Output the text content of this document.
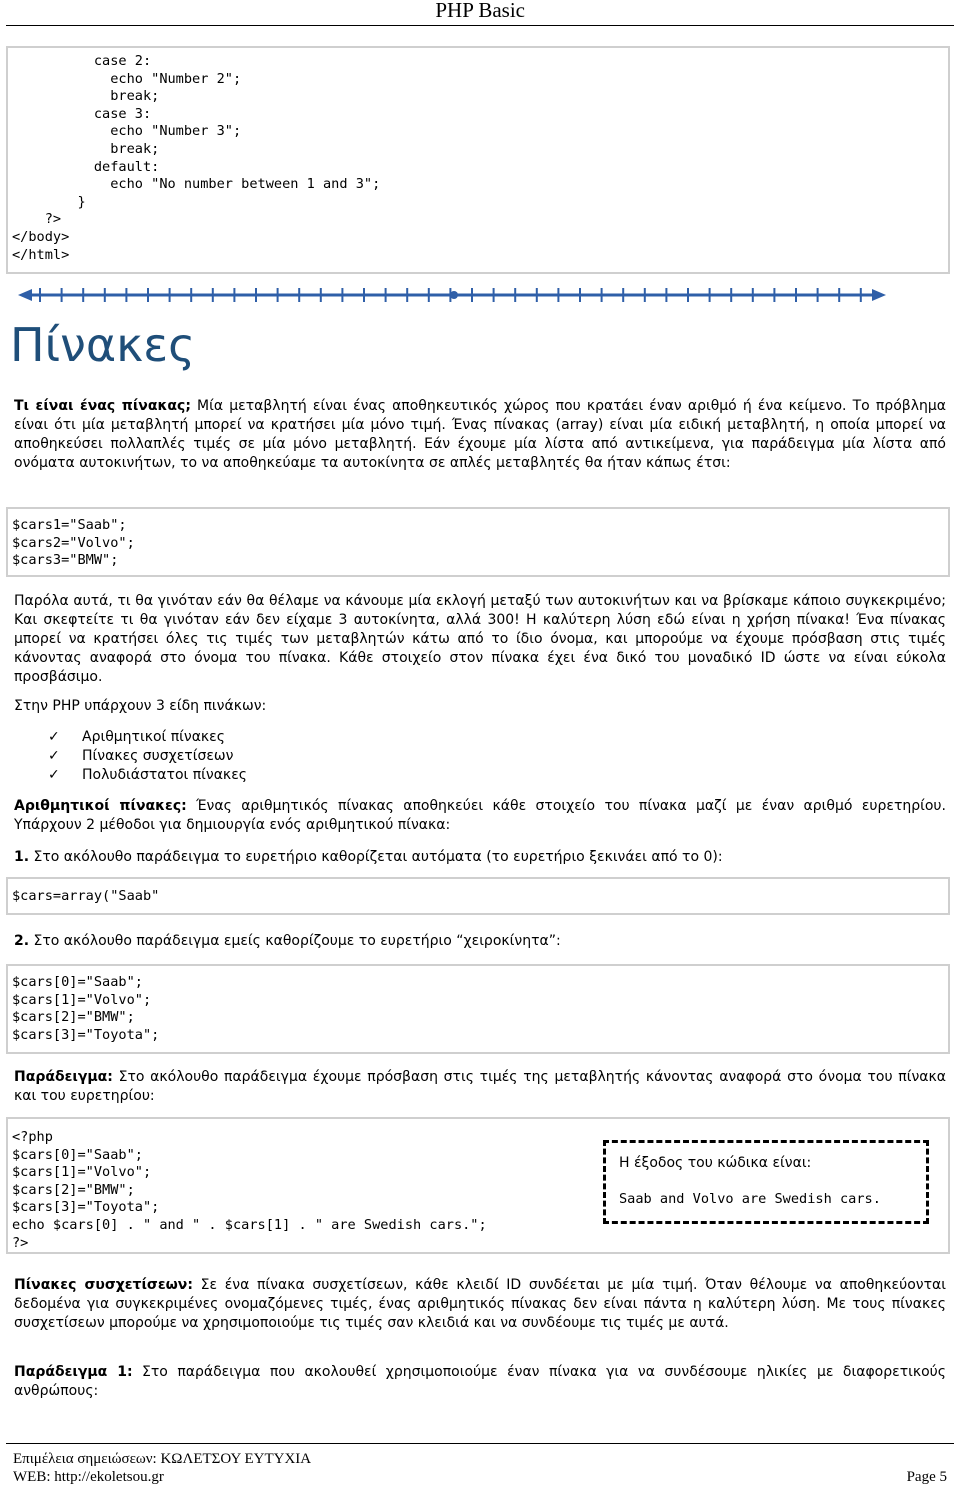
PHP Basic
case 2:
echo "Number 2";
break;
case 3:
echo "Number 3";
break;
default:
echo "No number between 1 and 3";
}
?>
</body>
</html>
Πίνακες
Τι είναι ένας πίνακας; Μία μεταβλητή είναι ένας αποθηκευτικός χώρος που κρατάει έναν αριθμό ή ένα κείμενο. Το πρόβλημα είναι ότι μία μεταβλητή μπορεί να κρατήσει μία μόνο τιμή. Ένας πίνακας (array) είναι μία ειδική μεταβλητή, η οποία μπορεί να αποθηκεύσει πολλαπλές τιμές σε μία μόνο μεταβλητή. Εάν έχουμε μία λίστα από αντικείμενα, για παράδειγμα μία λίστα από ονόματα αυτοκινήτων, το να αποθηκεύαμε τα αυτοκίνητα σε απλές μεταβλητές θα ήταν κάπως έτσι:
$cars1="Saab";
$cars2="Volvo";
$cars3="BMW";
Παρόλα αυτά, τι θα γινόταν εάν θα θέλαμε να κάνουμε μία εκλογή μεταξύ των αυτοκινήτων και να βρίσκαμε κάποιο συγκεκριμένο; Και σκεφτείτε τι θα γινόταν εάν δεν είχαμε 3 αυτοκίνητα, αλλά 300! Η καλύτερη λύση εδώ είναι η χρήση πίνακα! Ένα πίνακας μπορεί να κρατήσει όλες τις τιμές των μεταβλητών κάτω από το ίδιο όνομα, και μπορούμε να έχουμε πρόσβαση στις τιμές κάνοντας αναφορά στο όνομα του πίνακα. Κάθε στοιχείο στον πίνακα έχει ένα δικό του μοναδικό ID ώστε να είναι εύκολα προσβάσιμο.
Στην PHP υπάρχουν 3 είδη πινάκων:
✓ Αριθμητικοί πίνακες
✓ Πίνακες συσχετίσεων
✓ Πολυδιάστατοι πίνακες
Αριθμητικοί πίνακες: Ένας αριθμητικός πίνακας αποθηκεύει κάθε στοιχείο του πίνακα μαζί με έναν αριθμό ευρετηρίου. Υπάρχουν 2 μέθοδοι για δημιουργία ενός αριθμητικού πίνακα:
1. Στο ακόλουθο παράδειγμα το ευρετήριο καθορίζεται αυτόματα (το ευρετήριο ξεκινάει από το 0):
$cars=array("Saab"
2. Στο ακόλουθο παράδειγμα εμείς καθορίζουμε το ευρετήριο “χειροκίνητα”:
$cars[0]="Saab";
$cars[1]="Volvo";
$cars[2]="BMW";
$cars[3]="Toyota";
Παράδειγμα: Στο ακόλουθο παράδειγμα έχουμε πρόσβαση στις τιμές της μεταβλητής κάνοντας αναφορά στο όνομα του πίνακα και του ευρετηρίου:
<?php
$cars[0]="Saab";
$cars[1]="Volvo";
$cars[2]="BMW";
$cars[3]="Toyota";
echo $cars[0] . " and " . $cars[1] . " are Swedish cars.";
?>
Η έξοδος του κώδικα είναι:
Saab and Volvo are Swedish cars.
Πίνακες συσχετίσεων: Σε ένα πίνακα συσχετίσεων, κάθε κλειδί ID συνδέεται με μία τιμή. Όταν θέλουμε να αποθηκεύονται δεδομένα για συγκεκριμένες ονομαζόμενες τιμές, ένας αριθμητικός πίνακας δεν είναι πάντα η καλύτερη λύση. Με τους πίνακες συσχετίσεων μπορούμε να χρησιμοποιούμε τις τιμές σαν κλειδιά και να συνδέουμε τις τιμές με αυτά.
Παράδειγμα 1: Στο παράδειγμα που ακολουθεί χρησιμοποιούμε έναν πίνακα για να συνδέσουμε ηλικίες με διαφορετικούς ανθρώπους:
Επιμέλεια σημειώσεων: ΚΩΛΕΤΣΟΥ ΕΥΤΥΧΙΑ
WEB: http://ekoletsou.gr	Page 5
